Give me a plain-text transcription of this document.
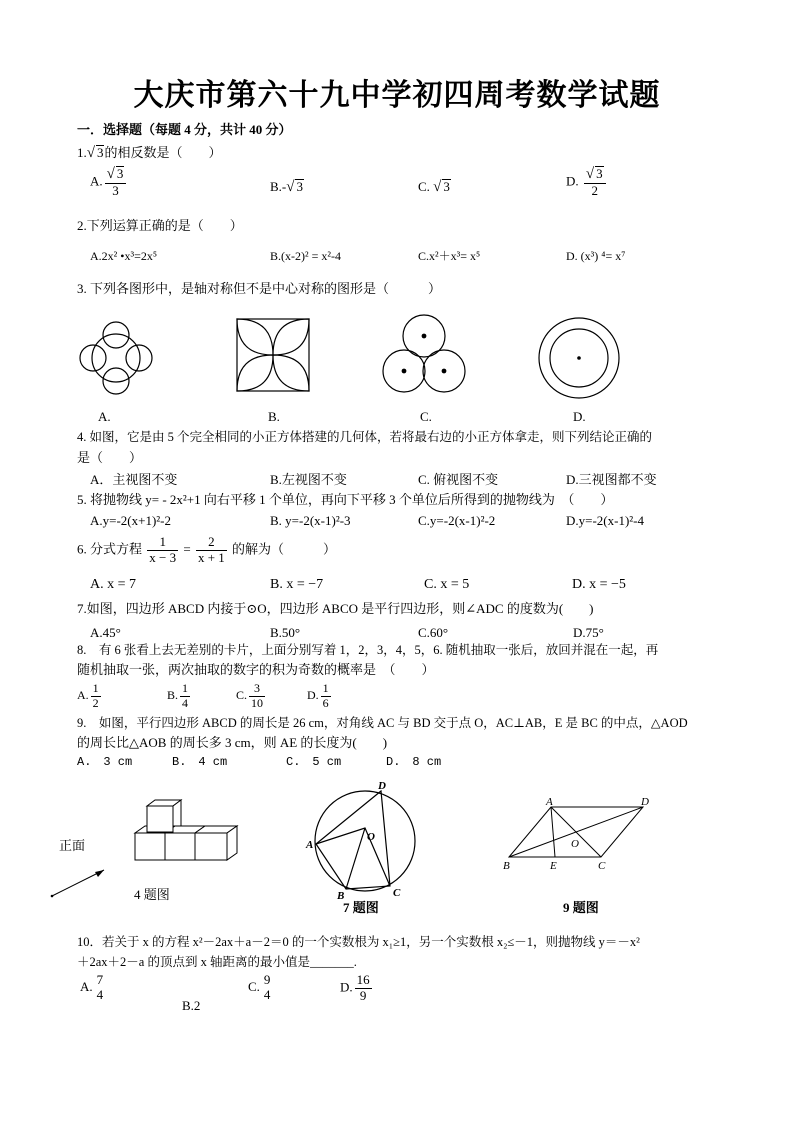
大庆市第六十九中学初四周考数学试题
一．选择题（每题 4 分，共计 40 分）
1.√ 3的相反数是（　　）
A. $\frac{√ 3}{3}$	B.-√ 3	C. √ 3	D. $\frac{√ 3}{2}$
2.下列运算正确的是（　　）
A.2x² •x³=2x⁵	B.(x-2)² = x²-4	C.x²＋x³= x⁵	D. (x³) ⁴= x⁷
3. 下列各图形中，是轴对称但不是中心对称的图形是（　　　）
A.	B.	C.	D.
4. 如图，它是由 5 个完全相同的小正方体搭建的几何体，若将最右边的小正方体拿走，则下列结论正确的
是（　　）
A．主视图不变	B.左视图不变	C. 俯视图不变	D.三视图都不变
5. 将抛物线 y= - 2x²+1 向右平移 1 个单位，再向下平移 3 个单位后所得到的抛物线为　（　　）
A.y=-2(x+1)²-2	B. y=-2(x-1)²-3	C.y=-2(x-1)²-2	D.y=-2(x-1)²-4
6. 分式方程 $\frac{1}{x - 3} = \frac{2}{x + 1}$ 的解为（　　　）
A. x = 7	B. x = −7	C. x = 5	D. x = −5
7.如图，四边形 ABCD 内接于⊙O，四边形 ABCO 是平行四边形，则∠ADC 的度数为(　　)
A.45°	B.50°	C.60°	D.75°
8.　有 6 张看上去无差别的卡片，上面分别写着 1，2，3，4，5，6. 随机抽取一张后，放回并混在一起，再
随机抽取一张，两次抽取的数字的积为奇数的概率是　（　　）
A. $\frac{1}{2}$	B. $\frac{1}{4}$	C. $\frac{3}{10}$	D. $\frac{1}{6}$
9.　如图，平行四边形 ABCD 的周长是 26 cm，对角线 AC 与 BD 交于点 O，AC⊥AB，E 是 BC 的中点，△AOD
的周长比△AOB 的周长多 3 cm，则 AE 的长度为(　　)
A.　3 cm	B.　4 cm	C.　5 cm	D.　8 cm
正面
4 题图
D
A
O
B	C
7 题图
A	D
B	E
O
C
9 题图
10．若关于 x 的方程 x²－2ax＋a－2＝0 的一个实数根为 x₁≥1，另一个实数根 x₂≤－1，则抛物线 y＝－x²
＋2ax＋2－a 的顶点到 x 轴距离的最小值是_______.
A. 7
4
B.2
C. 9
4
D. $\frac{16}{9}$
